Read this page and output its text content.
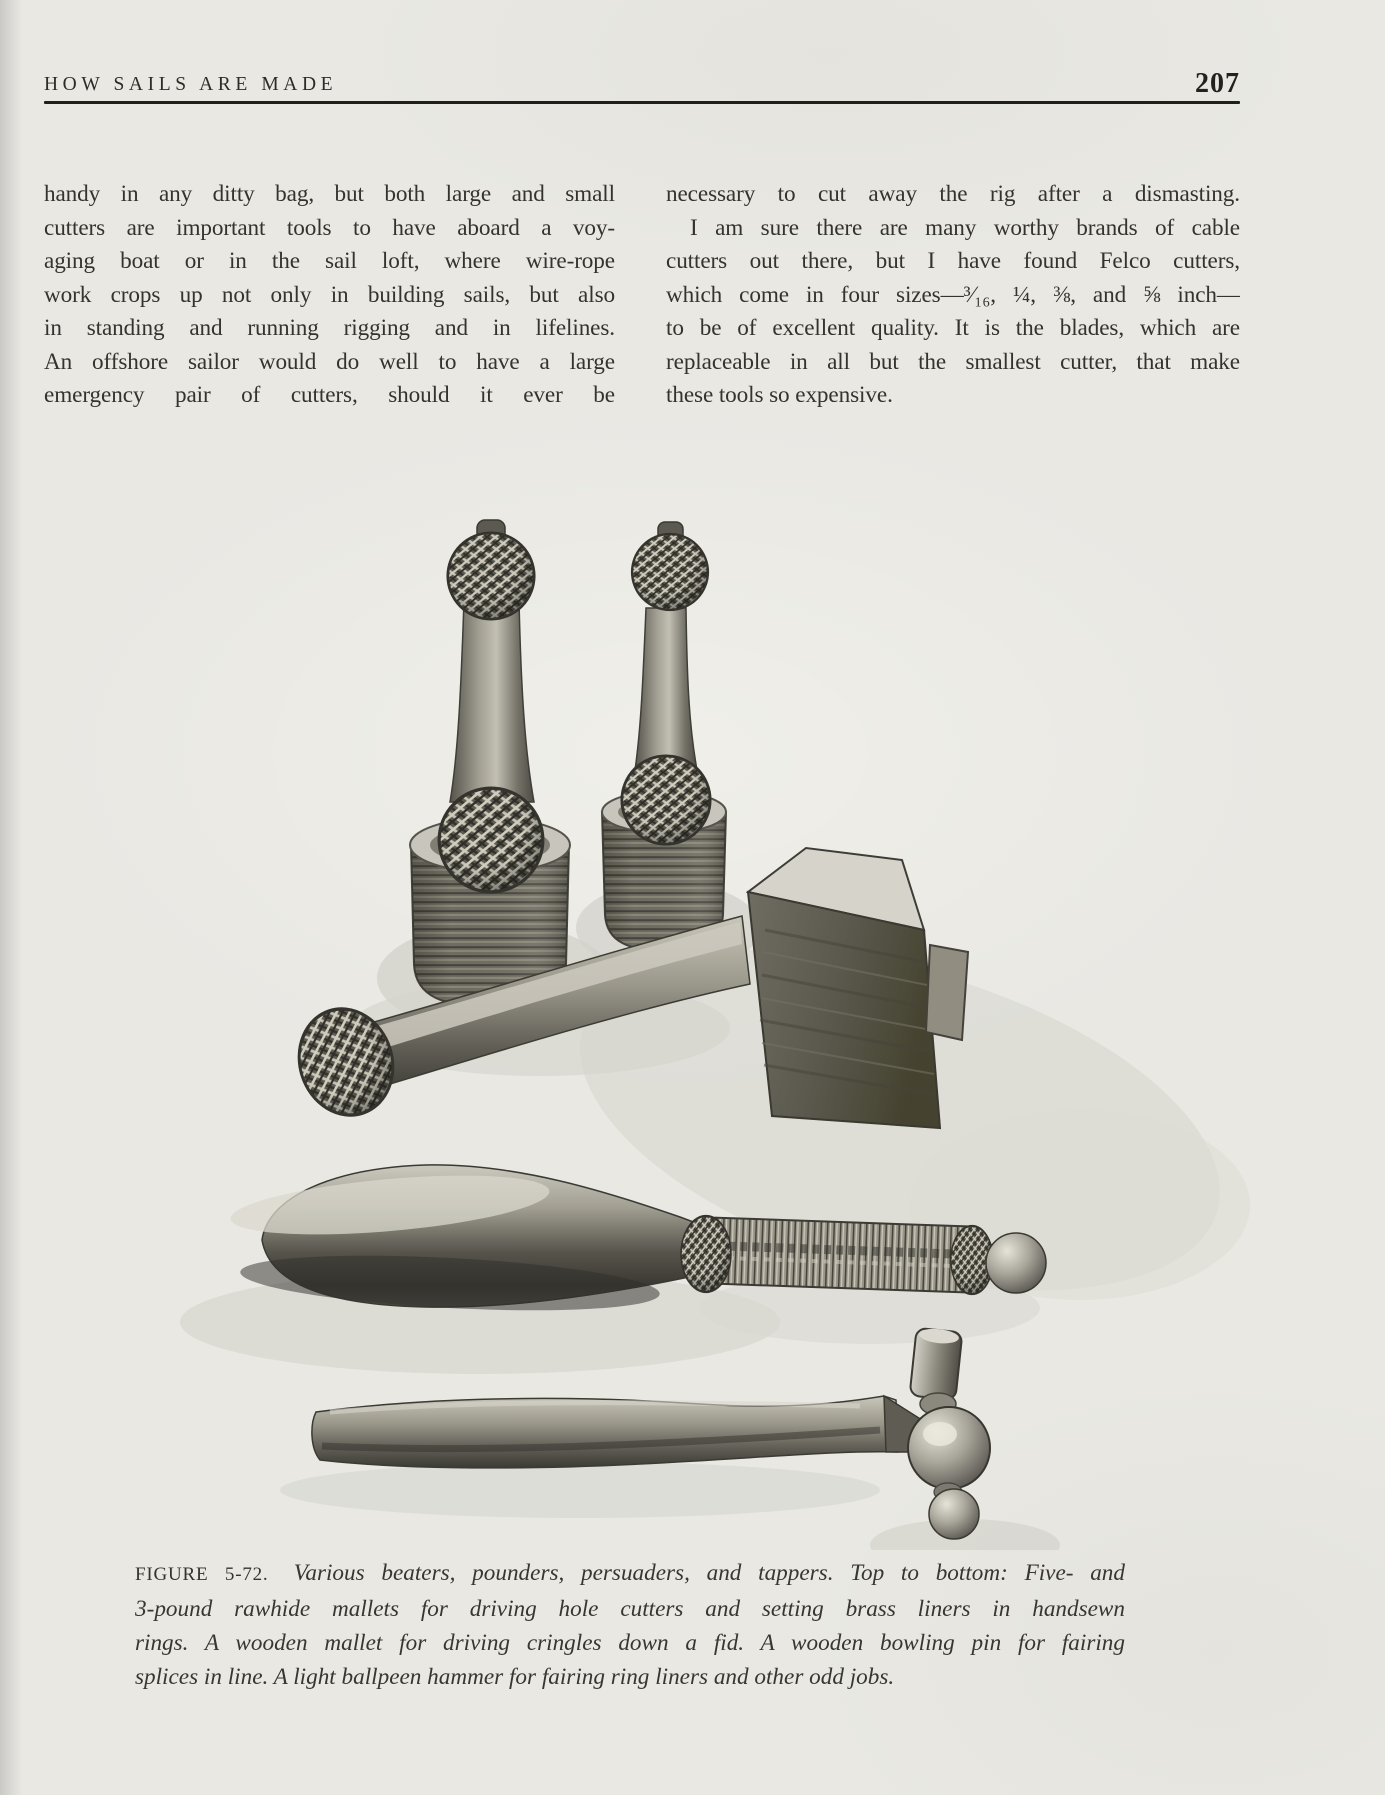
HOW SAILS ARE MADE	207
handy in any ditty bag, but both large and small
cutters are important tools to have aboard a voy-
aging boat or in the sail loft, where wire-rope
work crops up not only in building sails, but also
in standing and running rigging and in lifelines.
An offshore sailor would do well to have a large
emergency pair of cutters, should it ever be
necessary to cut away the rig after a dismasting.
I am sure there are many worthy brands of cable
cutters out there, but I have found Felco cutters,
which come in four sizes—³⁄₁₆, ¼, ⅜, and ⅝ inch—
to be of excellent quality. It is the blades, which are
replaceable in all but the smallest cutter, that make
these tools so expensive.
FIGURE 5-72. Various beaters, pounders, persuaders, and tappers. Top to bottom: Five- and
3-pound rawhide mallets for driving hole cutters and setting brass liners in handsewn
rings. A wooden mallet for driving cringles down a fid. A wooden bowling pin for fairing
splices in line. A light ballpeen hammer for fairing ring liners and other odd jobs.
